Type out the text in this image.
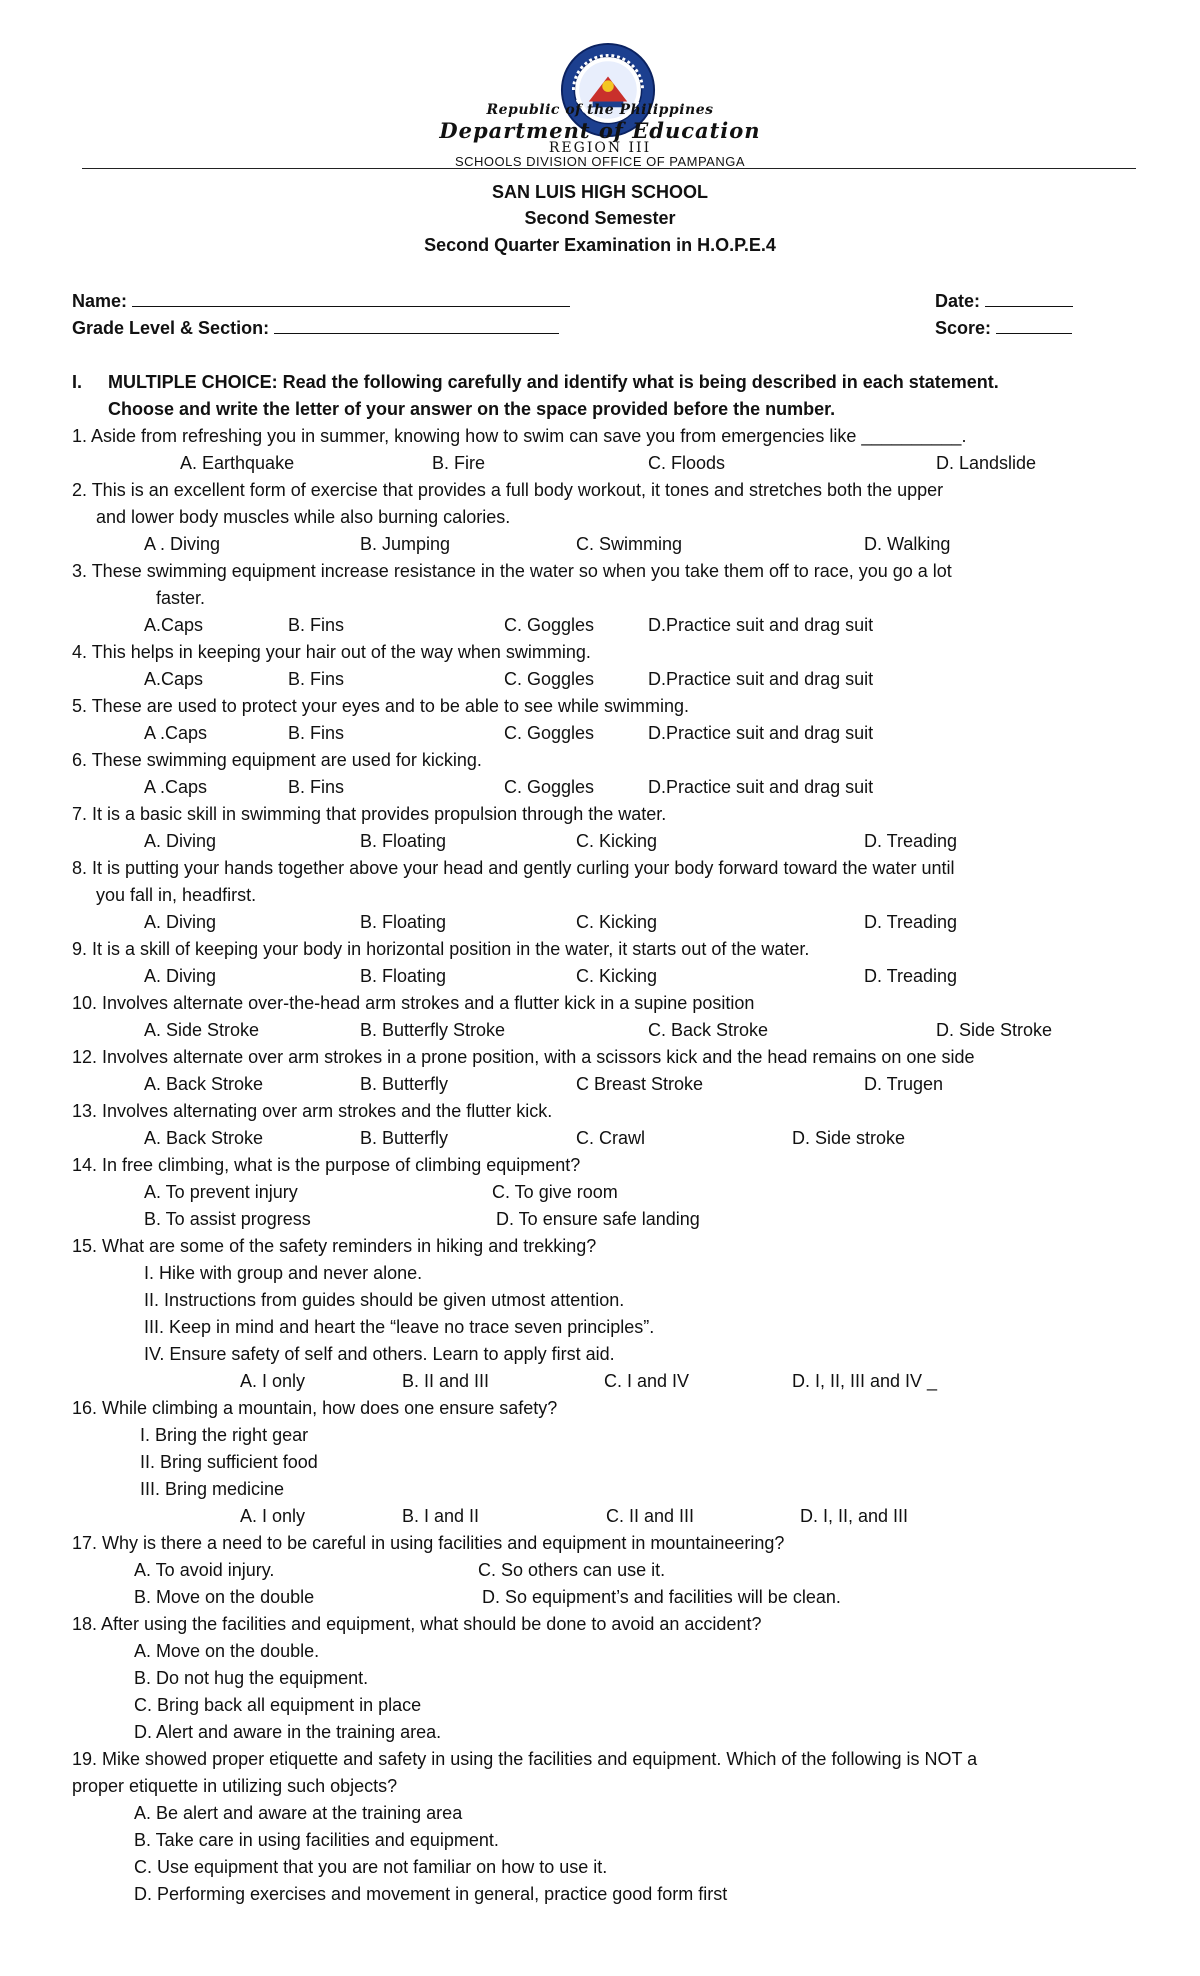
Republic of the Philippines
Department of Education
REGION III
SCHOOLS DIVISION OFFICE OF PAMPANGA
SAN LUIS HIGH SCHOOL
Second Semester
Second Quarter Examination in H.O.P.E.4
Name:	Date:
Grade Level & Section:	Score:
I. MULTIPLE CHOICE: Read the following carefully and identify what is being described in each statement.
Choose and write the letter of your answer on the space provided before the number.
1. Aside from refreshing you in summer, knowing how to swim can save you from emergencies like __________.
A. Earthquake	B. Fire	C. Floods	D. Landslide
2. This is an excellent form of exercise that provides a full body workout, it tones and stretches both the upper
and lower body muscles while also burning calories.
A . Diving	B. Jumping	C. Swimming	D. Walking
3. These swimming equipment increase resistance in the water so when you take them off to race, you go a lot
faster.
A.Caps	B. Fins	C. Goggles	D.Practice suit and drag suit
4. This helps in keeping your hair out of the way when swimming.
A.Caps	B. Fins	C. Goggles	D.Practice suit and drag suit
5. These are used to protect your eyes and to be able to see while swimming.
A .Caps	B. Fins	C. Goggles	D.Practice suit and drag suit
6. These swimming equipment are used for kicking.
A .Caps	B. Fins	C. Goggles	D.Practice suit and drag suit
7. It is a basic skill in swimming that provides propulsion through the water.
A. Diving	B. Floating	C. Kicking	D. Treading
8. It is putting your hands together above your head and gently curling your body forward toward the water until
you fall in, headfirst.
A. Diving	B. Floating	C. Kicking	D. Treading
9. It is a skill of keeping your body in horizontal position in the water, it starts out of the water.
A. Diving	B. Floating	C. Kicking	D. Treading
10. Involves alternate over-the-head arm strokes and a flutter kick in a supine position
A. Side Stroke	B. Butterfly Stroke	C. Back Stroke	D. Side Stroke
12. Involves alternate over arm strokes in a prone position, with a scissors kick and the head remains on one side
A. Back Stroke	B. Butterfly	C Breast Stroke	D. Trugen
13. Involves alternating over arm strokes and the flutter kick.
A. Back Stroke	B. Butterfly	C. Crawl	D. Side stroke
14. In free climbing, what is the purpose of climbing equipment?
A. To prevent injury	C. To give room
B. To assist progress	D. To ensure safe landing
15. What are some of the safety reminders in hiking and trekking?
I. Hike with group and never alone.
II. Instructions from guides should be given utmost attention.
III. Keep in mind and heart the “leave no trace seven principles”.
IV. Ensure safety of self and others. Learn to apply first aid.
A. I only	B. II and III	C. I and IV	D. I, II, III and IV _
16. While climbing a mountain, how does one ensure safety?
I. Bring the right gear
II. Bring sufficient food
III. Bring medicine
A. I only	B. I and II	C. II and III	D. I, II, and III
17. Why is there a need to be careful in using facilities and equipment in mountaineering?
A. To avoid injury.	C. So others can use it.
B. Move on the double	D. So equipment’s and facilities will be clean.
18. After using the facilities and equipment, what should be done to avoid an accident?
A. Move on the double.
B. Do not hug the equipment.
C. Bring back all equipment in place
D. Alert and aware in the training area.
19. Mike showed proper etiquette and safety in using the facilities and equipment. Which of the following is NOT a
proper etiquette in utilizing such objects?
A. Be alert and aware at the training area
B. Take care in using facilities and equipment.
C. Use equipment that you are not familiar on how to use it.
D. Performing exercises and movement in general, practice good form first
